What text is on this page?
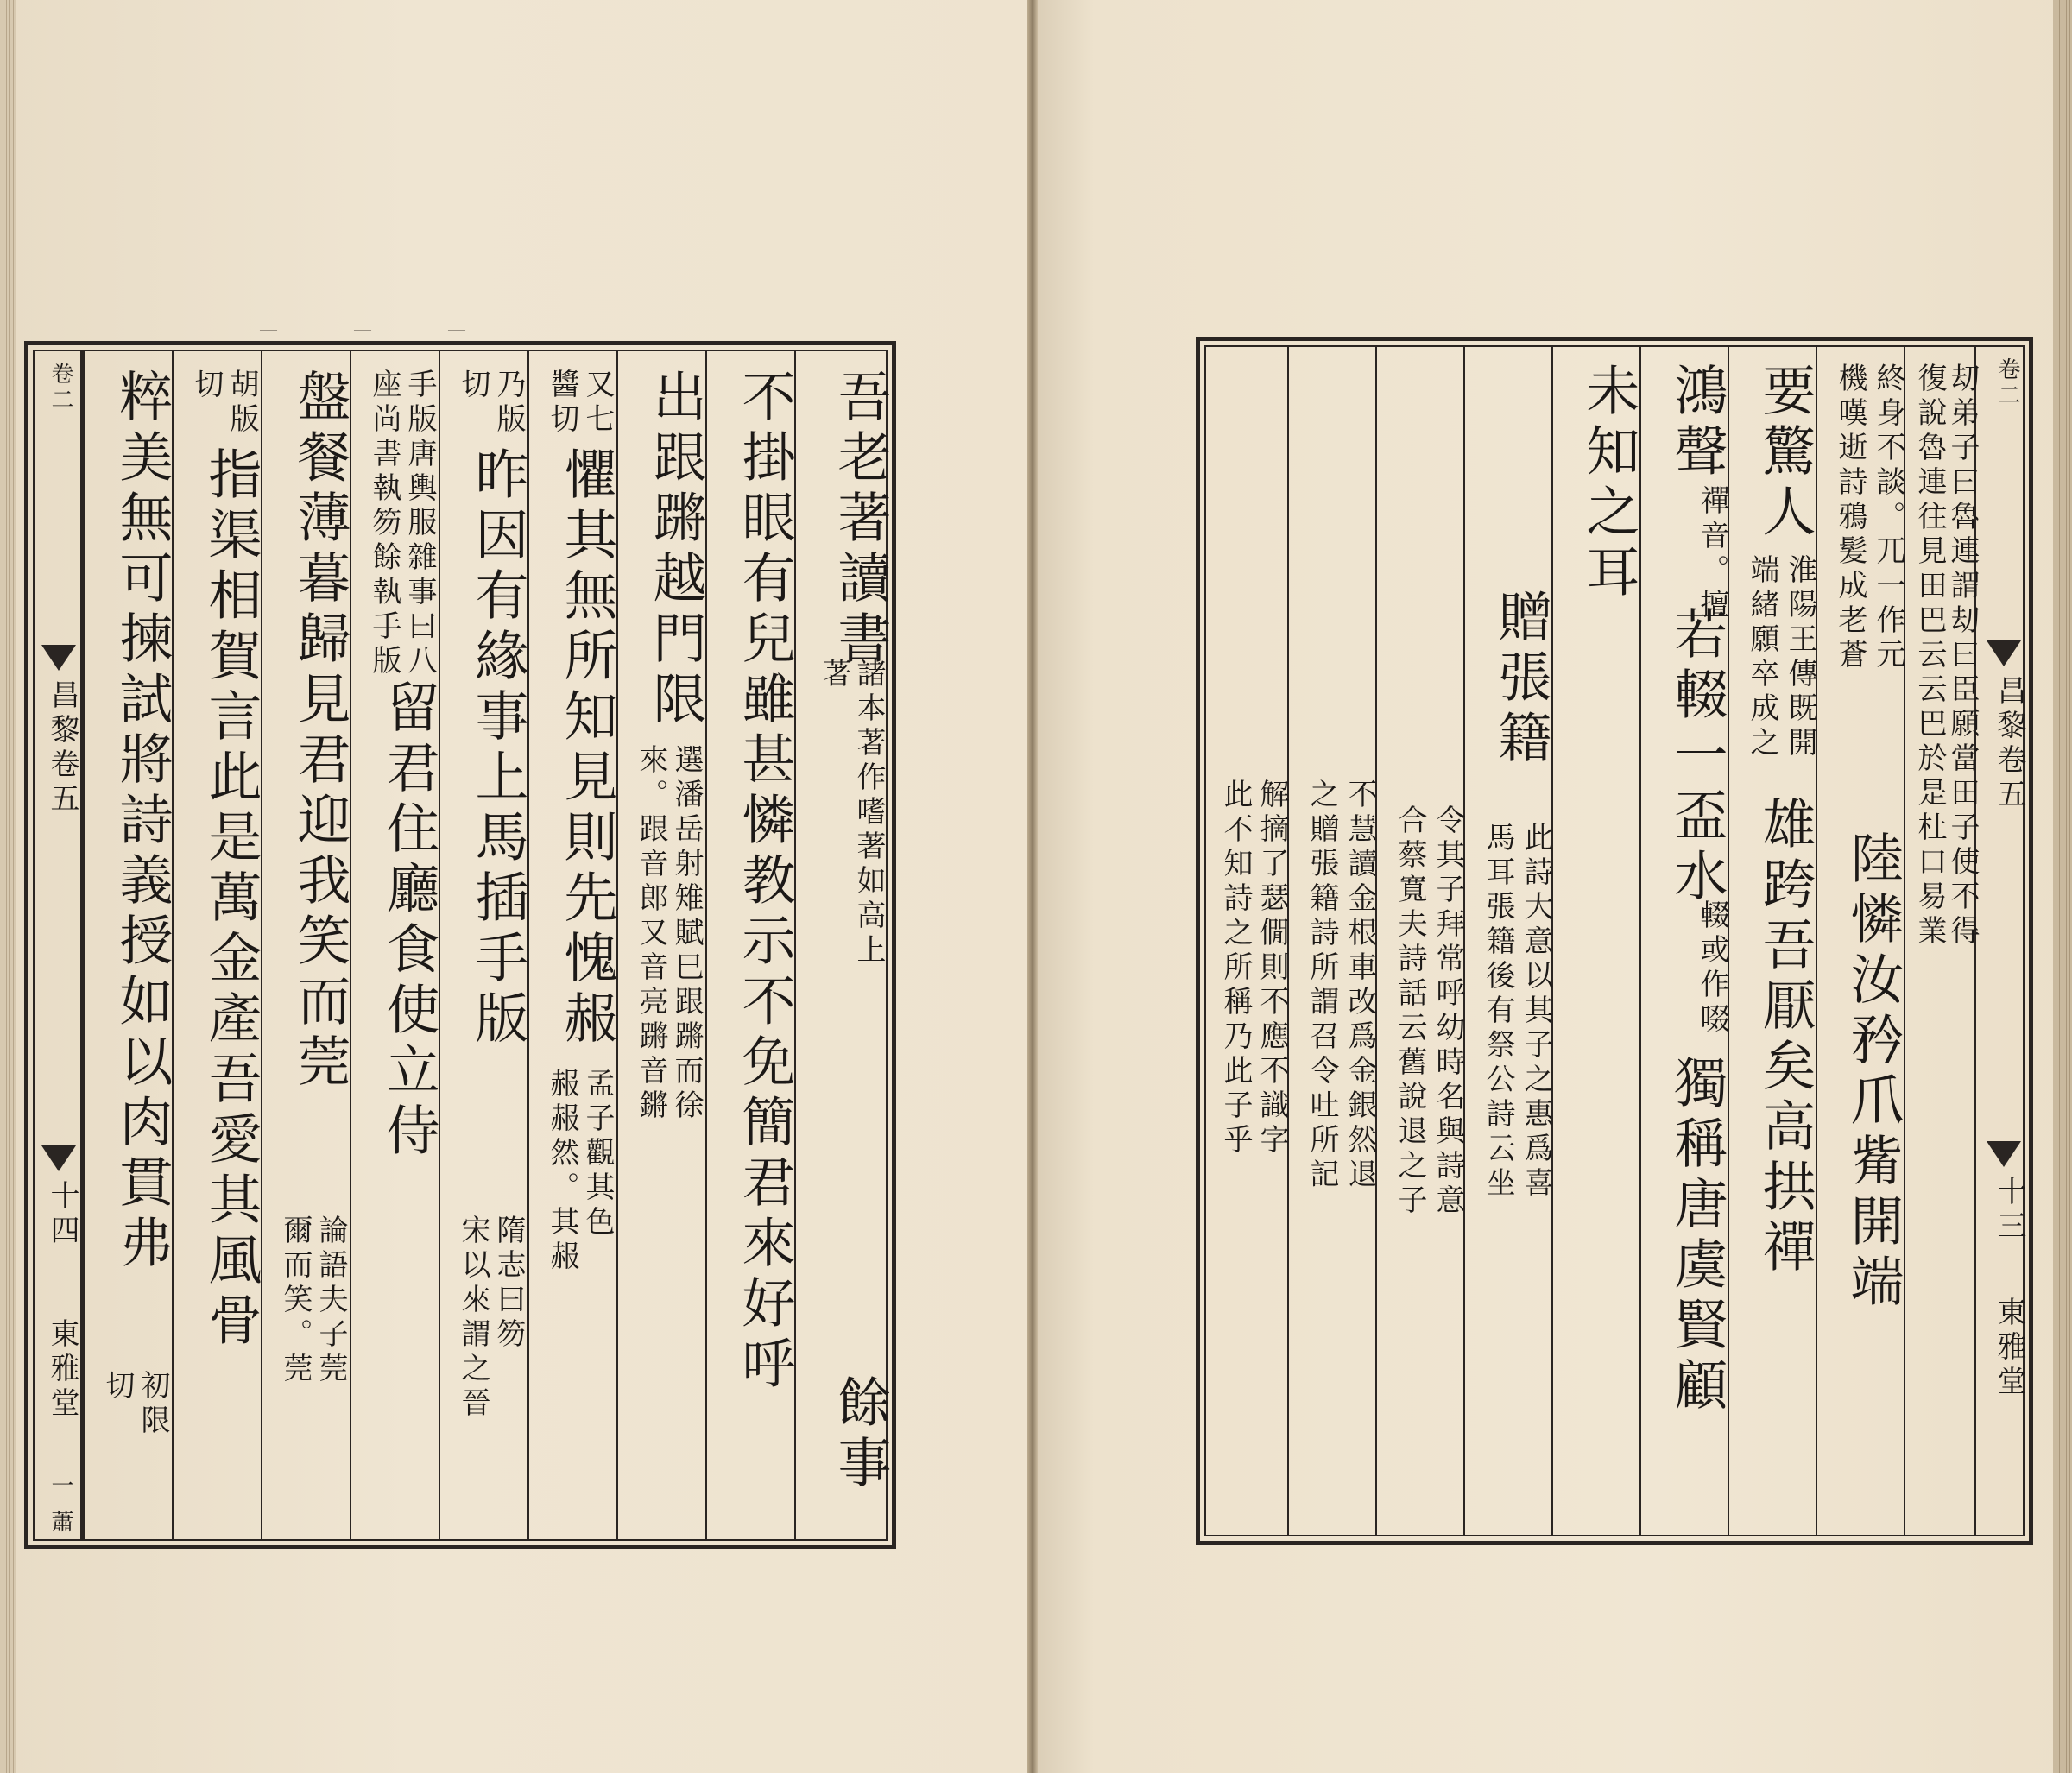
— — —
吾老著讀書
諸本著作嗜著如高上
著
餘事
不掛眼有兒雖甚憐教示不免簡君來好呼
出跟蹡越門限
選潘岳射雉賦巳跟蹡而徐
來。跟音郎又音亮蹡音鏘
又七
醬切
懼其無所知見則先愧赧
孟子觀其色
赧赧然。其赧
乃版
切
昨因有緣事上馬插手版
隋志曰笏
宋以來謂之晉
手版唐輿服雜事曰八
座尚書執笏餘執手版
留君住廳食使立侍
盤餐薄暮歸見君迎我笑而莞
論語夫子莞
爾而笑。莞
胡版
切
指渠相賀言此是萬金產吾愛其風骨
粹美無可揀試將詩義授如以肉貫弗
初限
切
卷二
昌黎卷五
十四
東雅堂
一 蕭
卷二
昌黎卷五
十三
東雅堂
刧弟子曰魯連謂刧曰臣願當田子使不得
復說魯連往見田巴云云巴於是杜口易業
終身不談。兀一作元
機嘆逝詩鴉髪成老蒼
陸憐汝矜爪觜開端
要驚人
淮陽王傳既開
端緒願卒成之
雄跨吾厭矣高拱禪
鴻聲
禪音。擅
若輟一盃水
輟或作啜
獨稱唐虞賢顧
未知之耳
贈張籍
此詩大意以其子之惠爲喜
馬耳張籍後有祭公詩云坐
令其子拜常呼幼時名與詩意
合蔡寬夫詩話云舊說退之子
不慧讀金根車改爲金銀然退
之贈張籍詩所謂召令吐所記
解摘了瑟僩則不應不識字
此不知詩之所稱乃此子乎
